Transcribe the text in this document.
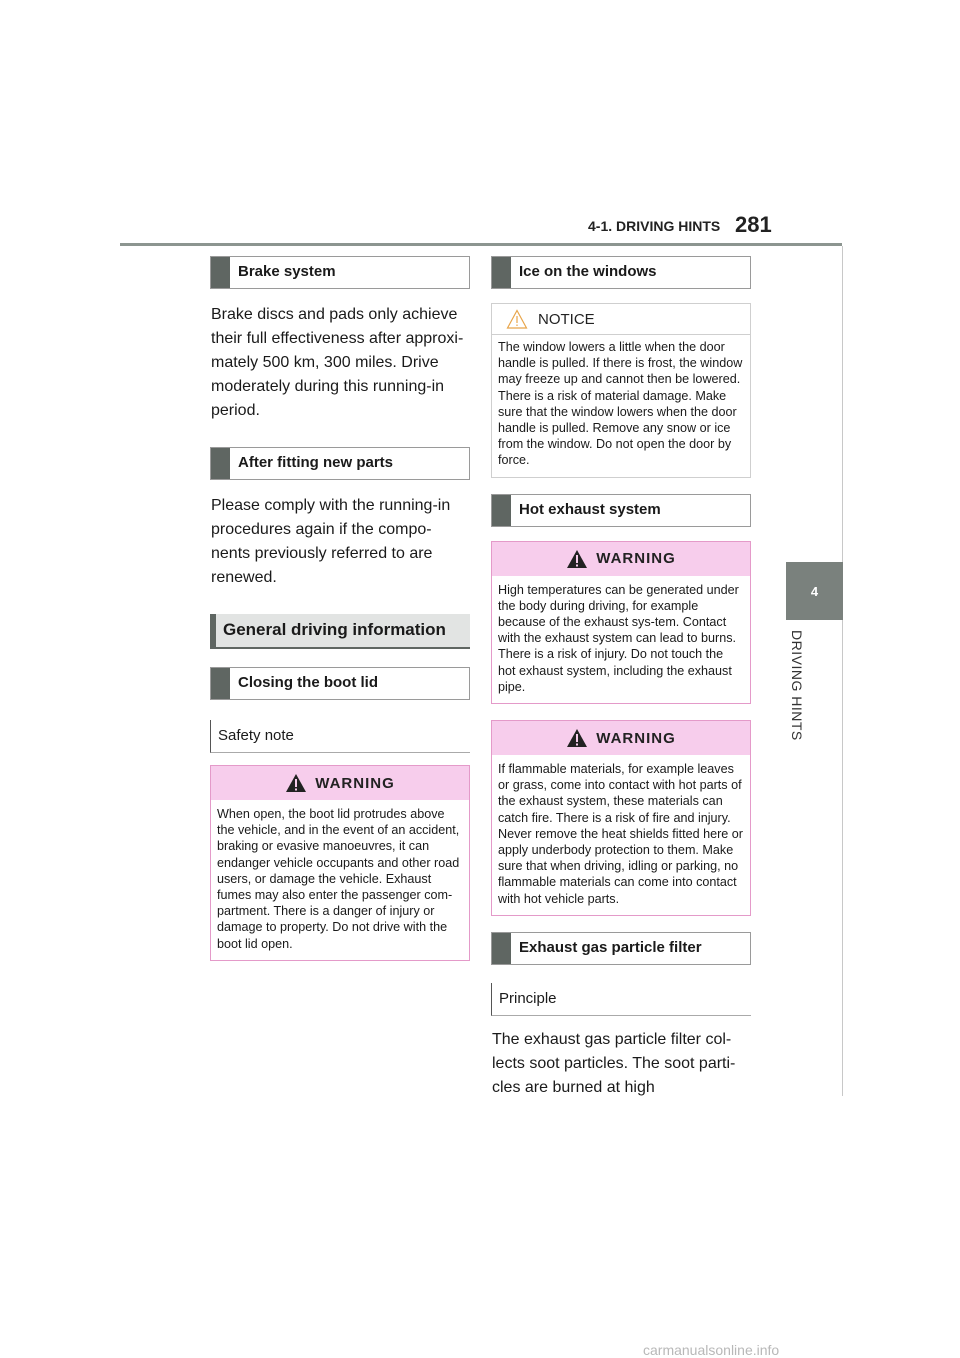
4-1. DRIVING HINTS 281
4
DRIVING HINTS
Brake system

Brake discs and pads only achieve their full effectiveness after approxi-mately 500 km, 300 miles. Drive moderately during this running-in period.

After fitting new parts

Please comply with the running-in procedures again if the compo-nents previously referred to are renewed.

General driving information
Closing the boot lid
Safety note
WARNING
When open, the boot lid protrudes above the vehicle, and in the event of an accident, braking or evasive manoeuvres, it can endanger vehicle occupants and other road users, or damage the vehicle. Exhaust fumes may also enter the passenger com-partment. There is a danger of injury or damage to property. Do not drive with the boot lid open.
Ice on the windows
NOTICE
The window lowers a little when the door handle is pulled. If there is frost, the window may freeze up and cannot then be lowered. There is a risk of material damage. Make sure that the window lowers when the door handle is pulled. Remove any snow or ice from the window. Do not open the door by force.
Hot exhaust system
WARNING
High temperatures can be generated under the body during driving, for example because of the exhaust sys-tem. Contact with the exhaust system can lead to burns. There is a risk of injury. Do not touch the hot exhaust system, including the exhaust pipe.
WARNING
If flammable materials, for example leaves or grass, come into contact with hot parts of the exhaust system, these materials can catch fire. There is a risk of fire and injury. Never remove the heat shields fitted here or apply underbody protection to them. Make sure that when driving, idling or parking, no flammable materials can come into contact with hot vehicle parts.
Exhaust gas particle filter
Principle

The exhaust gas particle filter col-lects soot particles. The soot parti-cles are burned at high

carmanualsonline.info
